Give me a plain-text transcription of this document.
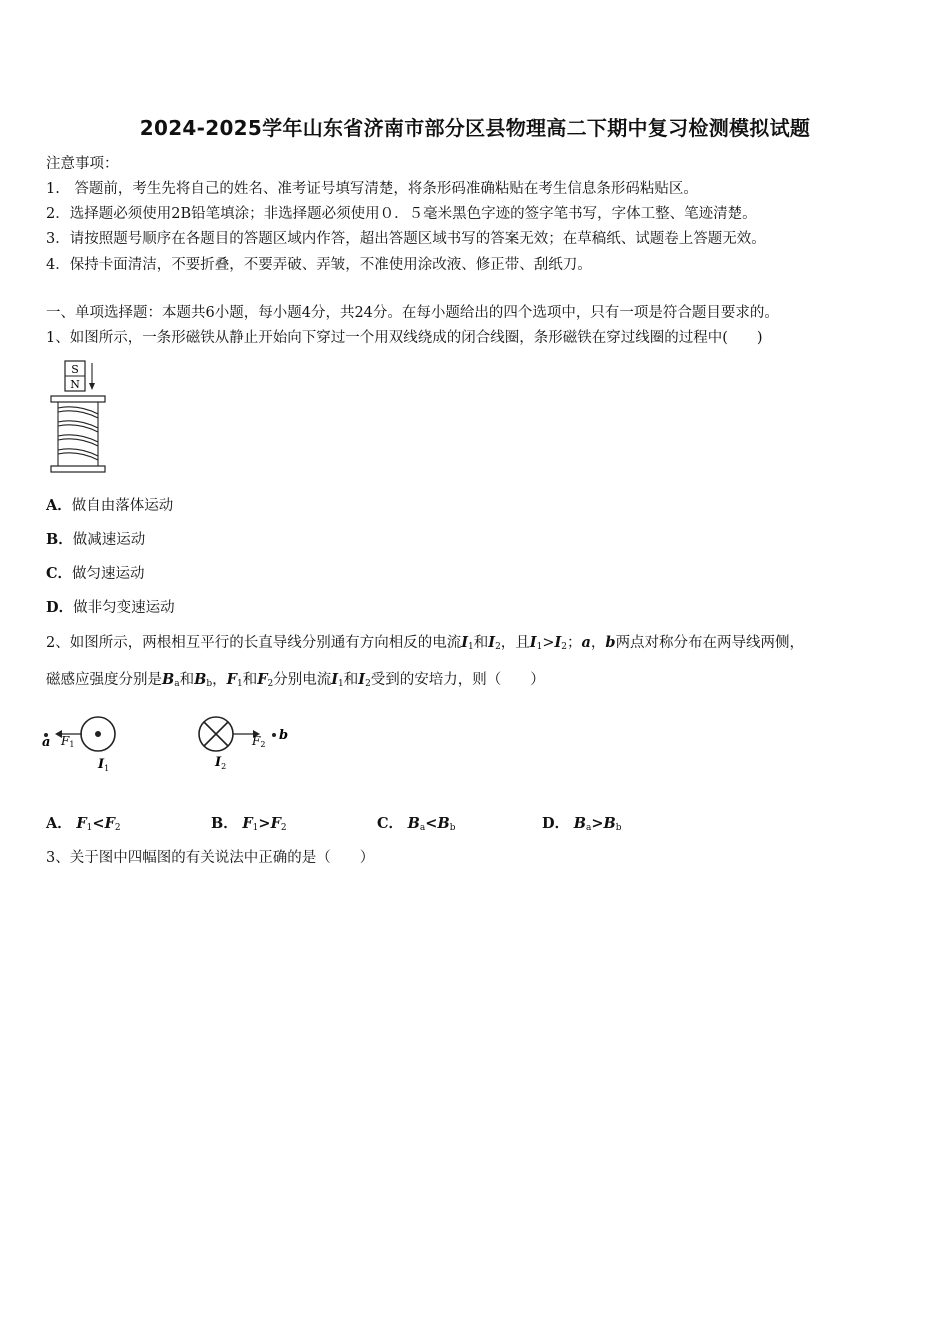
2024-2025学年山东省济南市部分区县物理高二下期中复习检测模拟试题
注意事项：
1.　答题前，考生先将自己的姓名、准考证号填写清楚，将条形码准确粘贴在考生信息条形码粘贴区。
2．选择题必须使用2B铅笔填涂；非选择题必须使用０．５毫米黑色字迹的签字笔书写，字体工整、笔迹清楚。
3．请按照题号顺序在各题目的答题区域内作答，超出答题区域书写的答案无效；在草稿纸、试题卷上答题无效。
4．保持卡面清洁，不要折叠，不要弄破、弄皱，不准使用涂改液、修正带、刮纸刀。
一、单项选择题：本题共6小题，每小题4分，共24分。在每小题给出的四个选项中，只有一项是符合题目要求的。
1、如图所示，一条形磁铁从静止开始向下穿过一个用双线绕成的闭合线圈，条形磁铁在穿过线圈的过程中(　　)
S
N
A．做自由落体运动
B．做减速运动
C．做匀速运动
D．做非匀变速运动
2、如图所示，两根相互平行的长直导线分别通有方向相反的电流$I_1$和$I_2$，且$I_1>I_2$；a，b两点对称分布在两导线两侧，
磁感应强度分别是$B_a$和$B_b$，$F_1$和$F_2$分别电流$I_1$和$I_2$受到的安培力，则（　　）
a F1
$I_1$	$I_2$
F2
b
A． $F_1<F_2$	B． $F_1>F_2$	C． $B_a<B_b$	D． $B_a>B_b$
3、关于图中四幅图的有关说法中正确的是（　　）
